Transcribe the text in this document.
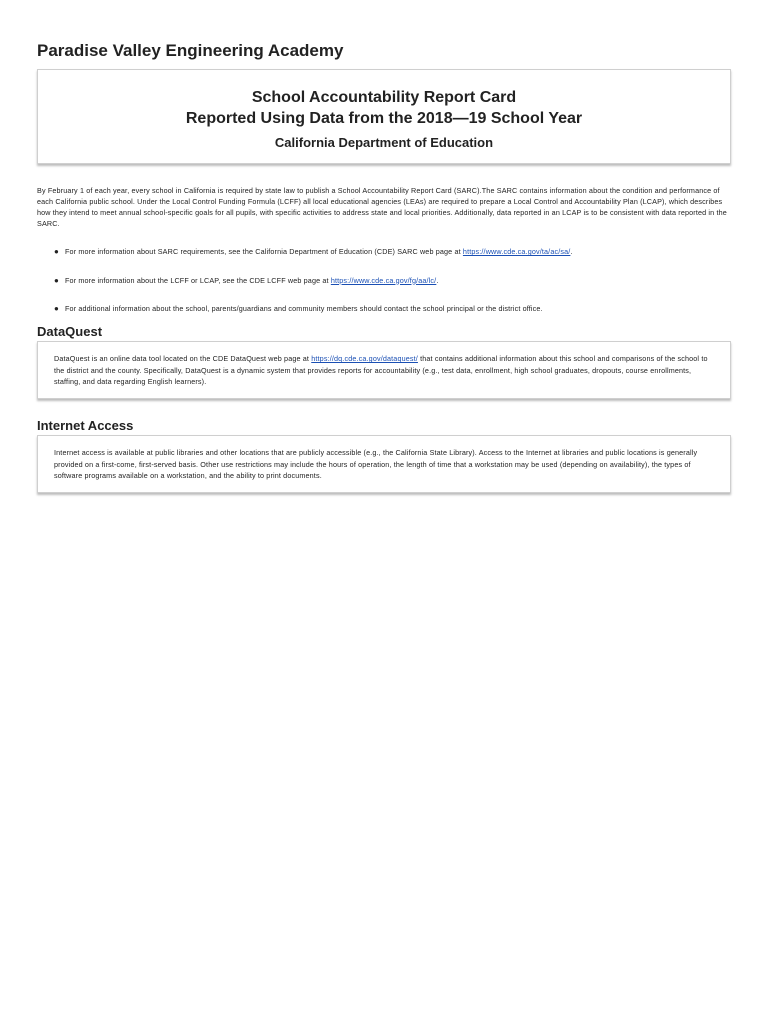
Paradise Valley Engineering Academy
School Accountability Report Card
Reported Using Data from the 2018—19 School Year
California Department of Education

By February 1 of each year, every school in California is required by state law to publish a School Accountability Report Card (SARC).The SARC contains information about the condition and performance of each California public school. Under the Local Control Funding Formula (LCFF) all local educational agencies (LEAs) are required to prepare a Local Control and Accountability Plan (LCAP), which describes how they intend to meet annual school-specific goals for all pupils, with specific activities to address state and local priorities. Additionally, data reported in an LCAP is to be consistent with data reported in the SARC.

● For more information about SARC requirements, see the California Department of Education (CDE) SARC web page at https://www.cde.ca.gov/ta/ac/sa/.
● For more information about the LCFF or LCAP, see the CDE LCFF web page at https://www.cde.ca.gov/fg/aa/lc/.
● For additional information about the school, parents/guardians and community members should contact the school principal or the district office.
DataQuest
DataQuest is an online data tool located on the CDE DataQuest web page at https://dq.cde.ca.gov/dataquest/ that contains additional information about this school and comparisons of the school to the district and the county. Specifically, DataQuest is a dynamic system that provides reports for accountability (e.g., test data, enrollment, high school graduates, dropouts, course enrollments, staffing, and data regarding English learners).
Internet Access
Internet access is available at public libraries and other locations that are publicly accessible (e.g., the California State Library). Access to the Internet at libraries and public locations is generally provided on a first-come, first-served basis. Other use restrictions may include the hours of operation, the length of time that a workstation may be used (depending on availability), the types of software programs available on a workstation, and the ability to print documents.
